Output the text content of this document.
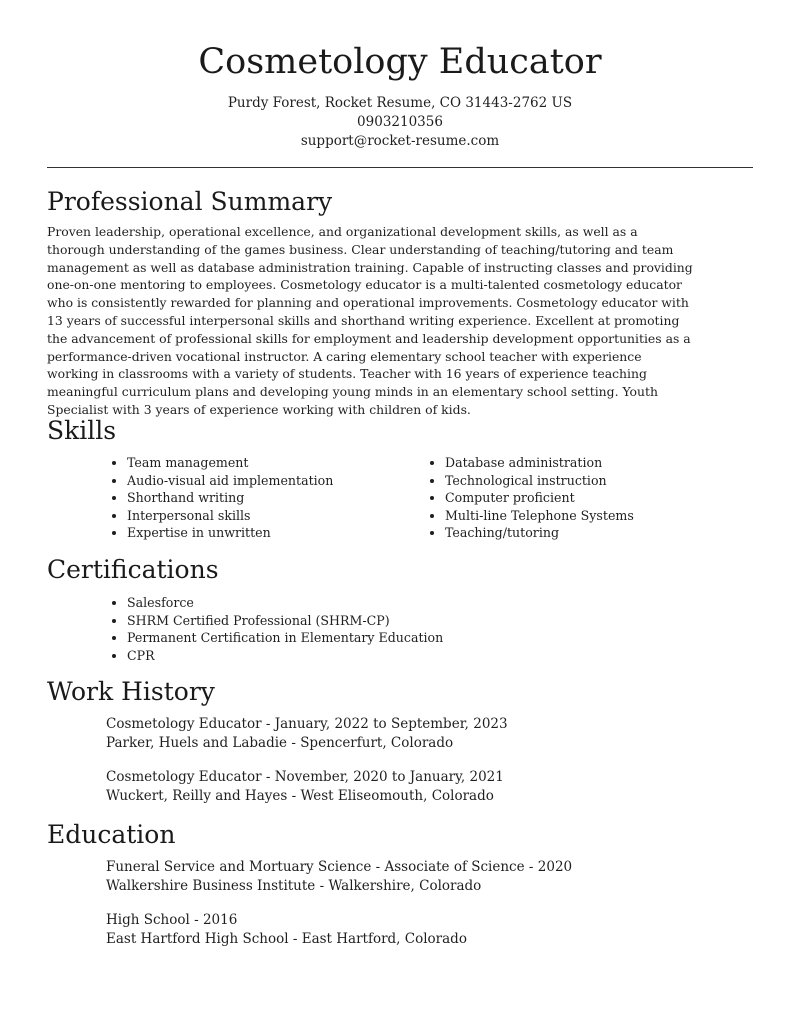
Cosmetology Educator
Purdy Forest, Rocket Resume, CO 31443-2762 US
0903210356
support@rocket-resume.com
Professional Summary

Proven leadership, operational excellence, and organizational development skills, as well as a thorough understanding of the games business. Clear understanding of teaching/tutoring and team management as well as database administration training. Capable of instructing classes and providing one-on-one mentoring to employees. Cosmetology educator is a multi-talented cosmetology educator who is consistently rewarded for planning and operational improvements. Cosmetology educator with 13 years of successful interpersonal skills and shorthand writing experience. Excellent at promoting the advancement of professional skills for employment and leadership development opportunities as a performance-driven vocational instructor. A caring elementary school teacher with experience working in classrooms with a variety of students. Teacher with 16 years of experience teaching meaningful curriculum plans and developing young minds in an elementary school setting. Youth Specialist with 3 years of experience working with children of kids.

Skills
• Team management
• Audio-visual aid implementation
• Shorthand writing
• Interpersonal skills
• Expertise in unwritten
• Database administration
• Technological instruction
• Computer proficient
• Multi-line Telephone Systems
• Teaching/tutoring
Certifications
• Salesforce
• SHRM Certified Professional (SHRM-CP)
• Permanent Certification in Elementary Education
• CPR
Work History
Cosmetology Educator - January, 2022 to September, 2023
Parker, Huels and Labadie - Spencerfurt, Colorado
Cosmetology Educator - November, 2020 to January, 2021
Wuckert, Reilly and Hayes - West Eliseomouth, Colorado
Education
Funeral Service and Mortuary Science - Associate of Science - 2020
Walkershire Business Institute - Walkershire, Colorado
High School - 2016
East Hartford High School - East Hartford, Colorado
